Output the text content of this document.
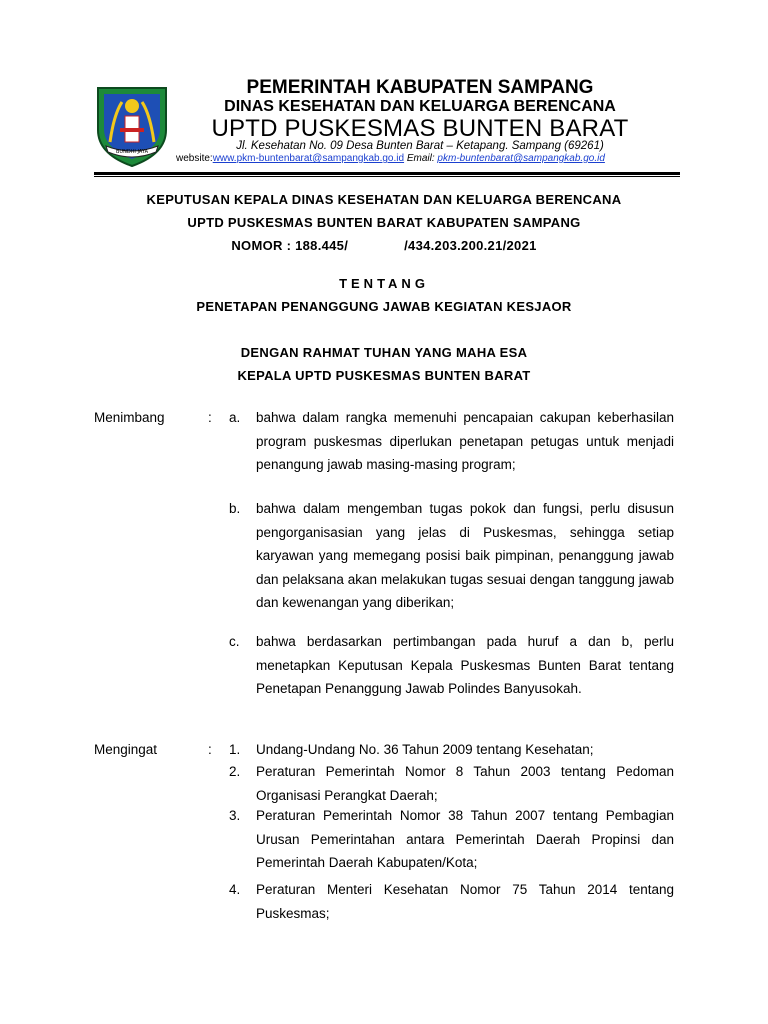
BUNDHI JAYA
PEMERINTAH KABUPATEN SAMPANG
DINAS KESEHATAN DAN KELUARGA BERENCANA
UPTD PUSKESMAS BUNTEN BARAT
Jl. Kesehatan No. 09 Desa Bunten Barat – Ketapang. Sampang (69261)
website:www.pkm-buntenbarat@sampangkab.go.id Email: pkm-buntenbarat@sampangkab.go.id
KEPUTUSAN KEPALA DINAS KESEHATAN DAN KELUARGA BERENCANA
UPTD PUSKESMAS BUNTEN BARAT KABUPATEN SAMPANG
NOMOR : 188.445/	/434.203.200.21/2021
TENTANG
PENETAPAN PENANGGUNG JAWAB KEGIATAN KESJAOR
DENGAN RAHMAT TUHAN YANG MAHA ESA
KEPALA UPTD PUSKESMAS BUNTEN BARAT
Menimbang	: a. bahwa dalam rangka memenuhi pencapaian cakupan keberhasilan program puskesmas diperlukan penetapan petugas untuk menjadi penangung jawab masing-masing program;
b. bahwa dalam mengemban tugas pokok dan fungsi, perlu disusun pengorganisasian yang jelas di Puskesmas, sehingga setiap karyawan yang memegang posisi baik pimpinan, penanggung jawab dan pelaksana akan melakukan tugas sesuai dengan tanggung jawab dan kewenangan yang diberikan;
c. bahwa berdasarkan pertimbangan pada huruf a dan b, perlu menetapkan Keputusan Kepala Puskesmas Bunten Barat tentang Penetapan Penanggung Jawab Polindes Banyusokah.
Mengingat	: 1. Undang-Undang No. 36 Tahun 2009 tentang Kesehatan;
2. Peraturan Pemerintah Nomor 8 Tahun 2003 tentang Pedoman Organisasi Perangkat Daerah;
3. Peraturan Pemerintah Nomor 38 Tahun 2007 tentang Pembagian Urusan Pemerintahan antara Pemerintah Daerah Propinsi dan Pemerintah Daerah Kabupaten/Kota;
4. Peraturan Menteri Kesehatan Nomor 75 Tahun 2014 tentang Puskesmas;
